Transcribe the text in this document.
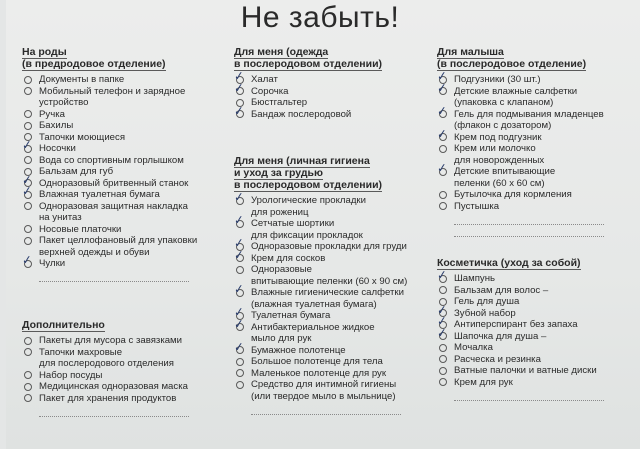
Не забыть!
На роды
(в предродовое отделение)
Документы в папке
Мобильный телефон и зарядное
устройство
Ручка
Бахилы
Тапочки моющиеся
✓ Носочки
Вода со спортивным горлышком
Бальзам для губ
✓ Одноразовый бритвенный станок
✓ Влажная туалетная бумага
Одноразовая защитная накладка
на унитаз
Носовые платочки
Пакет целлофановый для упаковки
верхней одежды и обуви
✓ Чулки
Дополнительно
Пакеты для мусора с завязками
Тапочки махровые
для послеродового отделения
Набор посуды
Медицинская одноразовая маска
Пакет для хранения продуктов
Для меня (одежда
в послеродовом отделении)
✓ Халат
✓ Сорочка
Бюстгальтер
✓ Бандаж послеродовой
Для меня (личная гигиена
и уход за грудью
в послеродовом отделении)
✓ Урологические прокладки
для рожениц
✓ Сетчатые шортики
для фиксации прокладок
✓ Одноразовые прокладки для груди
✓ Крем для сосков
Одноразовые
впитывающие пеленки (60 х 90 см)
✓ Влажные гигиенические салфетки
(влажная туалетная бумага)
✓ Туалетная бумага
✓ Антибактериальное жидкое
мыло для рук
✓ Бумажное полотенце
Большое полотенце для тела
Маленькое полотенце для рук
Средство для интимной гигиены
(или твердое мыло в мыльнице)
Для малыша
(в послеродовое отделение)
✓ Подгузники (30 шт.)
✓ Детские влажные салфетки
(упаковка с клапаном)
✓ Гель для подмывания младенцев
(флакон с дозатором)
✓ Крем под подгузник
Крем или молочко
для новорожденных
✓ Детские впитывающие
пеленки (60 х 60 см)
Бутылочка для кормления
Пустышка
Косметичка (уход за собой)
✓ Шампунь
Бальзам для волос –
Гель для душа
✓ Зубной набор
✓ Антиперспирант без запаха
✓ Шапочка для душа –
Мочалка
Расческа и резинка
Ватные палочки и ватные диски
Крем для рук
